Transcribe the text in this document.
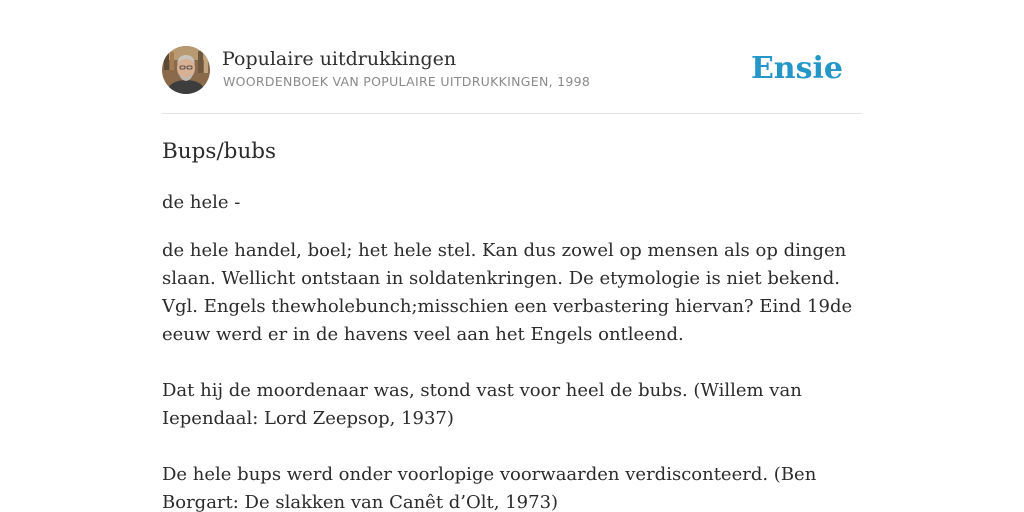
Populaire uitdrukkingen
WOORDENBOEK VAN POPULAIRE UITDRUKKINGEN, 1998	Ensie
Bups/bubs
de hele -

de hele handel, boel; het hele stel. Kan dus zowel op mensen als op dingen slaan. Wellicht ontstaan in soldatenkringen. De etymologie is niet bekend. Vgl. Engels thewholebunch;misschien een verbastering hiervan? Eind 19de eeuw werd er in de havens veel aan het Engels ontleend.

Dat hij de moordenaar was, stond vast voor heel de bubs. (Willem van Iependaal: Lord Zeepsop, 1937)

De hele bups werd onder voorlopige voorwaarden verdisconteerd. (Ben Borgart: De slakken van Canêt d’Olt, 1973)
